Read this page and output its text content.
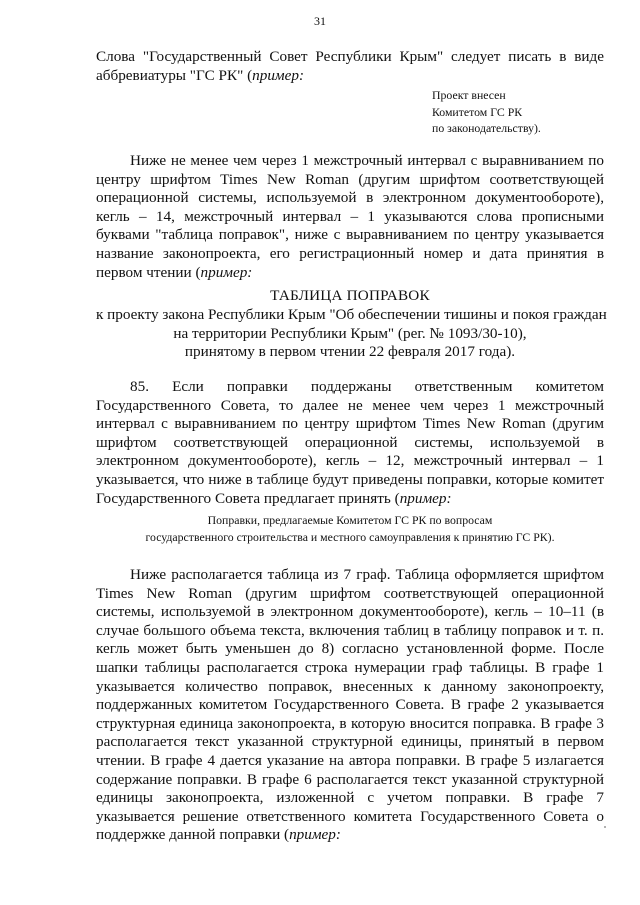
31

Слова "Государственный Совет Республики Крым" следует писать в виде аббревиатуры "ГС РК" (пример:

Проект внесен
Комитетом ГС РК
по законодательству).

Ниже не менее чем через 1 межстрочный интервал с выравниванием по центру шрифтом Times New Roman (другим шрифтом соответствующей операционной системы, используемой в электронном документообороте), кегль – 14, межстрочный интервал – 1 указываются слова прописными буквами "таблица поправок", ниже с выравниванием по центру указывается название законопроекта, его регистрационный номер и дата принятия в первом чтении (пример:

ТАБЛИЦА ПОПРАВОК
к проекту закона Республики Крым "Об обеспечении тишины и покоя граждан
на территории Республики Крым" (рег. № 1093/30-10),
принятому в первом чтении 22 февраля 2017 года).

85. Если поправки поддержаны ответственным комитетом Государственного Совета, то далее не менее чем через 1 межстрочный интервал с выравниванием по центру шрифтом Times New Roman (другим шрифтом соответствующей операционной системы, используемой в электронном документообороте), кегль – 12, межстрочный интервал – 1 указывается, что ниже в таблице будут приведены поправки, которые комитет Государственного Совета предлагает принять (пример:

Поправки, предлагаемые Комитетом ГС РК по вопросам
государственного строительства и местного самоуправления к принятию ГС РК).

Ниже располагается таблица из 7 граф. Таблица оформляется шрифтом Times New Roman (другим шрифтом соответствующей операционной системы, используемой в электронном документообороте), кегль – 10–11 (в случае большого объема текста, включения таблиц в таблицу поправок и т. п. кегль может быть уменьшен до 8) согласно установленной форме. После шапки таблицы располагается строка нумерации граф таблицы. В графе 1 указывается количество поправок, внесенных к данному законопроекту, поддержанных комитетом Государственного Совета. В графе 2 указывается структурная единица законопроекта, в которую вносится поправка. В графе 3 располагается текст указанной структурной единицы, принятый в первом чтении. В графе 4 дается указание на автора поправки. В графе 5 излагается содержание поправки. В графе 6 располагается текст указанной структурной единицы законопроекта, изложенной с учетом поправки. В графе 7 указывается решение ответственного комитета Государственного Совета о поддержке данной поправки (пример:
